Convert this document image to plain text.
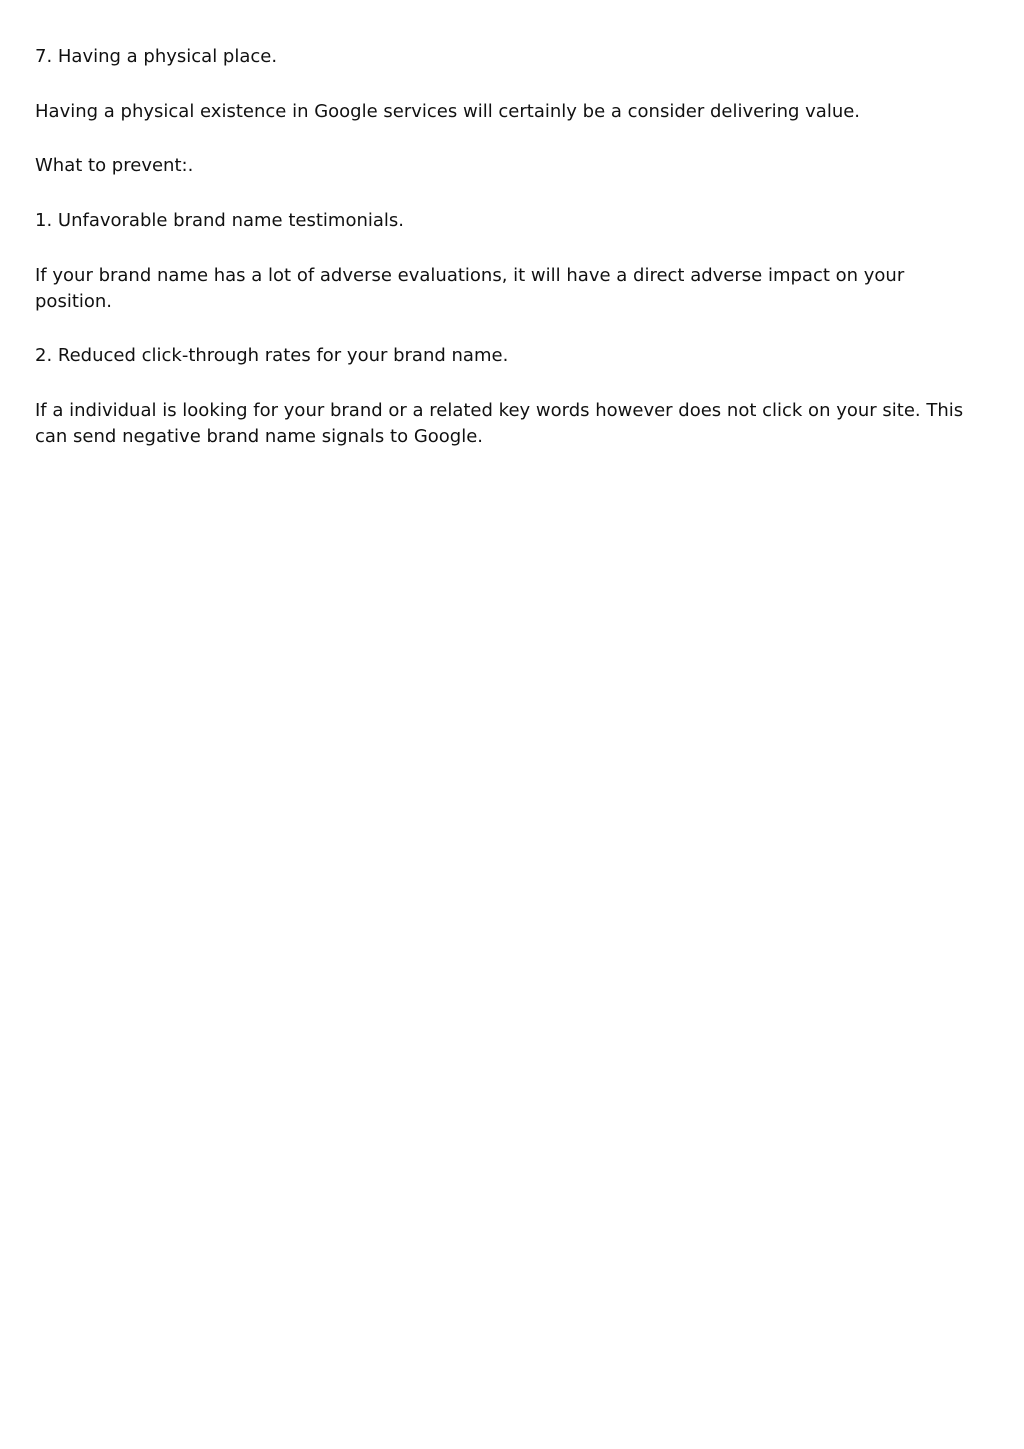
7. Having a physical place.

Having a physical existence in Google services will certainly be a consider delivering value.

What to prevent:.

1. Unfavorable brand name testimonials.

If your brand name has a lot of adverse evaluations, it will have a direct adverse impact on your position.

2. Reduced click-through rates for your brand name.

If a individual is looking for your brand or a related key words however does not click on your site. This can send negative brand name signals to Google.
